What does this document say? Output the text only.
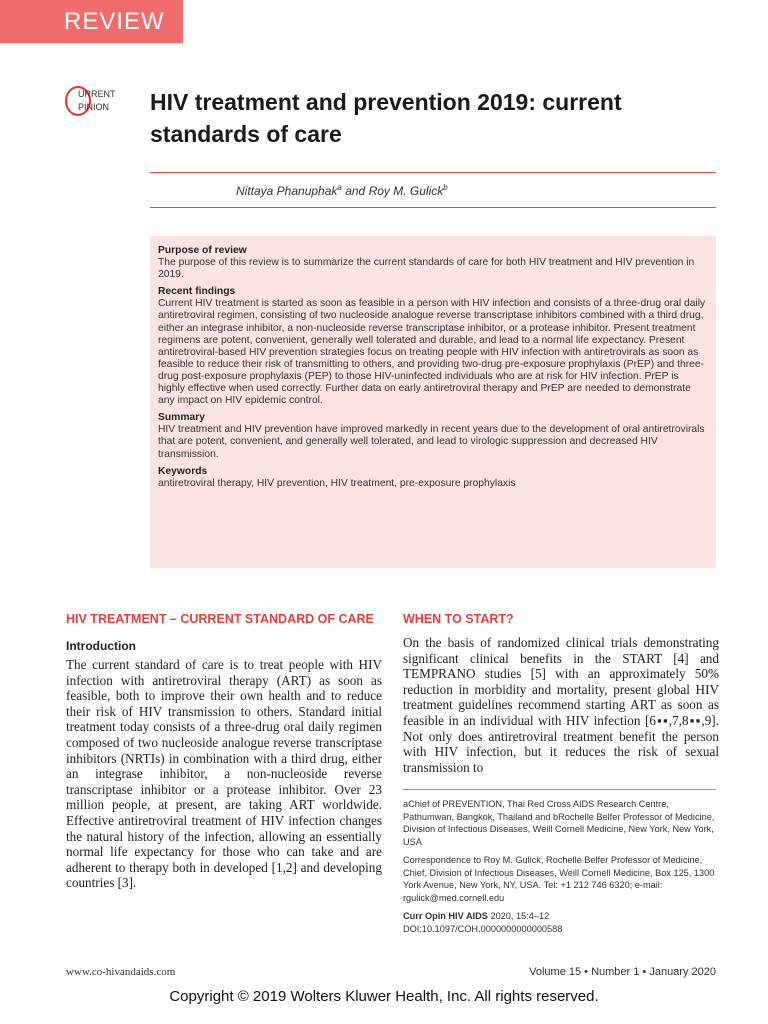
REVIEW
URRENT
PINION HIV treatment and prevention 2019: current standards of care
Nittaya Phanuphak$^a$ and Roy M. Gulick$^b$
Purpose of review

The purpose of this review is to summarize the current standards of care for both HIV treatment and HIV prevention in 2019.

Recent findings

Current HIV treatment is started as soon as feasible in a person with HIV infection and consists of a three-drug oral daily antiretroviral regimen, consisting of two nucleoside analogue reverse transcriptase inhibitors combined with a third drug, either an integrase inhibitor, a non-nucleoside reverse transcriptase inhibitor, or a protease inhibitor. Present treatment regimens are potent, convenient, generally well tolerated and durable, and lead to a normal life expectancy. Present antiretroviral-based HIV prevention strategies focus on treating people with HIV infection with antiretrovirals as soon as feasible to reduce their risk of transmitting to others, and providing two-drug pre-exposure prophylaxis (PrEP) and three-drug post-exposure prophylaxis (PEP) to those HIV-uninfected individuals who are at risk for HIV infection. PrEP is highly effective when used correctly. Further data on early antiretroviral therapy and PrEP are needed to demonstrate any impact on HIV epidemic control.

Summary

HIV treatment and HIV prevention have improved markedly in recent years due to the development of oral antiretrovirals that are potent, convenient, and generally well tolerated, and lead to virologic suppression and decreased HIV transmission.

Keywords

antiretroviral therapy, HIV prevention, HIV treatment, pre-exposure prophylaxis

HIV TREATMENT – CURRENT STANDARD OF CARE
Introduction

The current standard of care is to treat people with HIV infection with antiretroviral therapy (ART) as soon as feasible, both to improve their own health and to reduce their risk of HIV transmission to others. Standard initial treatment today consists of a three-drug oral daily regimen composed of two nucleoside analogue reverse transcriptase inhibitors (NRTIs) in combination with a third drug, either an integrase inhibitor, a non-nucleoside reverse transcriptase inhibitor or a protease inhibitor. Over 23 million people, at present, are taking ART worldwide. Effective antiretroviral treatment of HIV infection changes the natural history of the infection, allowing an essentially normal life expectancy for those who can take and are adherent to therapy both in developed [1,2] and developing countries [3].

WHEN TO START?

On the basis of randomized clinical trials demonstrating significant clinical benefits in the START [4] and TEMPRANO studies [5] with an approximately 50% reduction in morbidity and mortality, present global HIV treatment guidelines recommend starting ART as soon as feasible in an individual with HIV infection [6▪▪,7,8▪▪,9]. Not only does antiretroviral treatment benefit the person with HIV infection, but it reduces the risk of sexual transmission to

aChief of PREVENTION, Thai Red Cross AIDS Research Centre, Pathumwan, Bangkok, Thailand and bRochelle Belfer Professor of Medicine, Division of Infectious Diseases, Weill Cornell Medicine, New York, New York, USA

Correspondence to Roy M. Gulick, Rochelle Belfer Professor of Medicine, Chief, Division of Infectious Diseases, Weill Cornell Medicine, Box 125, 1300 York Avenue, New York, NY, USA. Tel: +1 212 746 6320; e-mail: rgulick@med.cornell.edu

Curr Opin HIV AIDS 2020, 15:4–12

DOI:10.1097/COH.0000000000000588

www.co-hivandaids.com	Volume 15 • Number 1 • January 2020
Copyright © 2019 Wolters Kluwer Health, Inc. All rights reserved.
